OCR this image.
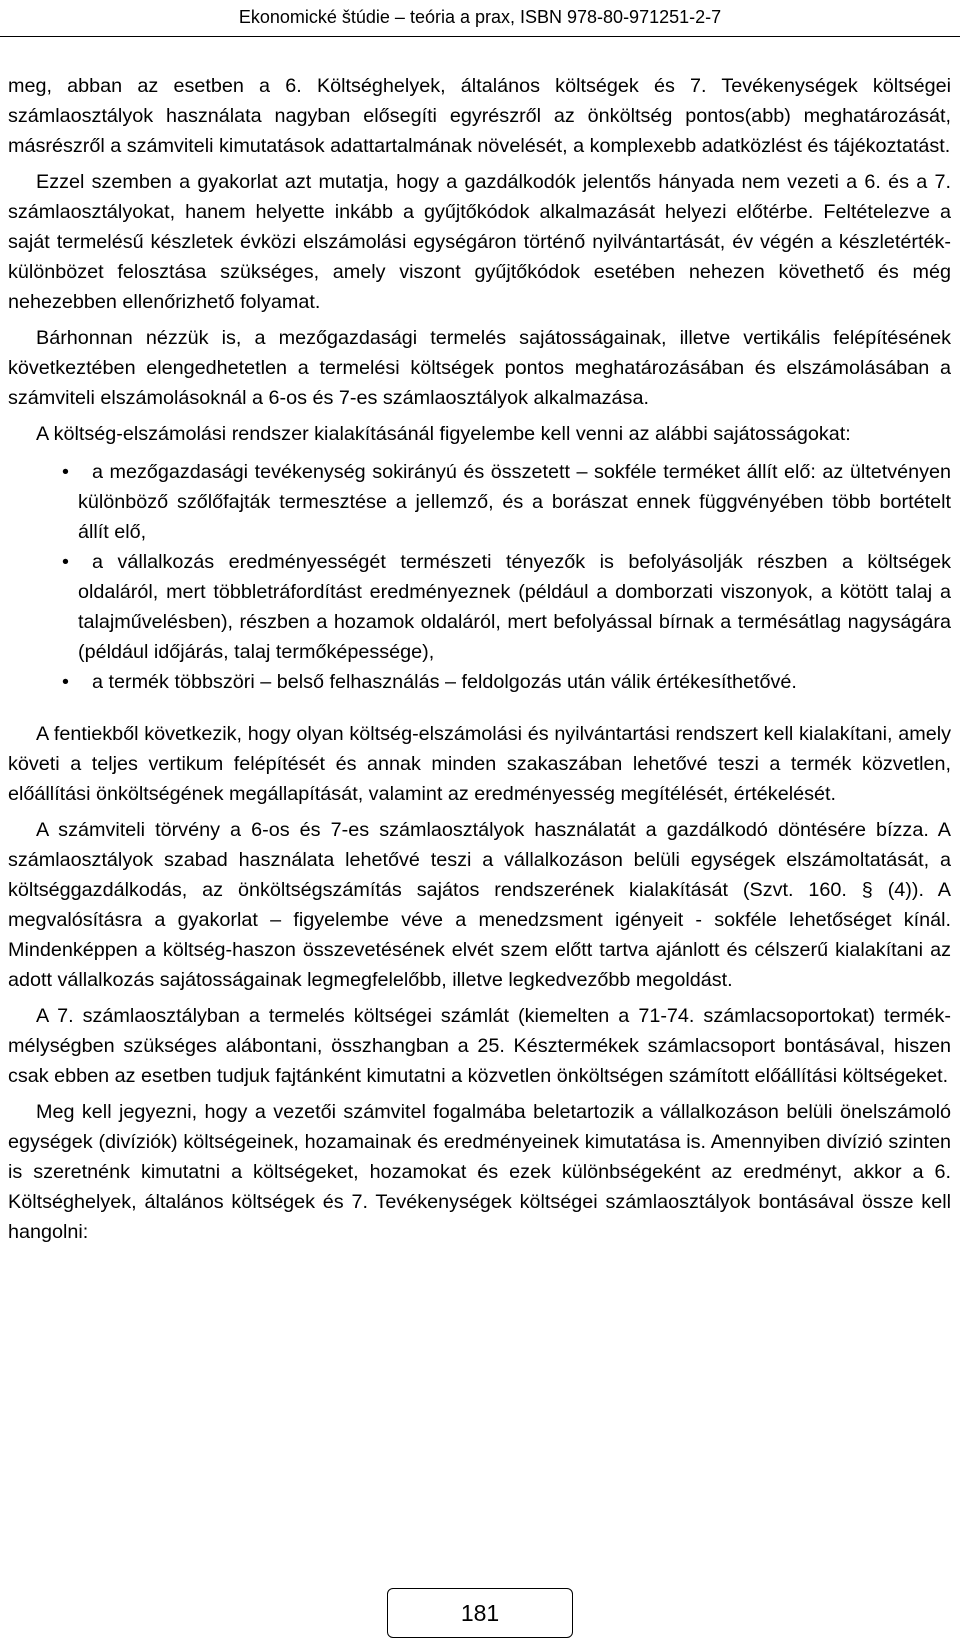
Ekonomické štúdie – teória a prax, ISBN 978-80-971251-2-7

meg, abban az esetben a 6. Költséghelyek, általános költségek és 7. Tevékenységek költségei számlaosztályok használata nagyban elősegíti egyrészről az önköltség pontos(abb) meghatározását, másrészről a számviteli kimutatások adattartalmának növelését, a komplexebb adatközlést és tájékoztatást.

Ezzel szemben a gyakorlat azt mutatja, hogy a gazdálkodók jelentős hányada nem vezeti a 6. és a 7. számlaosztályokat, hanem helyette inkább a gyűjtőkódok alkalmazását helyezi előtérbe. Feltételezve a saját termelésű készletek évközi elszámolási egységáron történő nyilvántartását, év végén a készletérték-különbözet felosztása szükséges, amely viszont gyűjtőkódok esetében nehezen követhető és még nehezebben ellenőrizhető folyamat.

Bárhonnan nézzük is, a mezőgazdasági termelés sajátosságainak, illetve vertikális felépítésének következtében elengedhetetlen a termelési költségek pontos meghatározásában és elszámolásában a számviteli elszámolásoknál a 6-os és 7-es számlaosztályok alkalmazása.

A költség-elszámolási rendszer kialakításánál figyelembe kell venni az alábbi sajátosságokat:

• a mezőgazdasági tevékenység sokirányú és összetett – sokféle terméket állít elő: az ültetvényen különböző szőlőfajták termesztése a jellemző, és a borászat ennek függvényében több bortételt állít elő,
• a vállalkozás eredményességét természeti tényezők is befolyásolják részben a költségek oldaláról, mert többletráfordítást eredményeznek (például a domborzati viszonyok, a kötött talaj a talajművelésben), részben a hozamok oldaláról, mert befolyással bírnak a termésátlag nagyságára (például időjárás, talaj termőképessége),
• a termék többszöri – belső felhasználás – feldolgozás után válik értékesíthetővé.

A fentiekből következik, hogy olyan költség-elszámolási és nyilvántartási rendszert kell kialakítani, amely követi a teljes vertikum felépítését és annak minden szakaszában lehetővé teszi a termék közvetlen, előállítási önköltségének megállapítását, valamint az eredményesség megítélését, értékelését.

A számviteli törvény a 6-os és 7-es számlaosztályok használatát a gazdálkodó döntésére bízza. A számlaosztályok szabad használata lehetővé teszi a vállalkozáson belüli egységek elszámoltatását, a költséggazdálkodás, az önköltségszámítás sajátos rendszerének kialakítását (Szvt. 160. § (4)). A megvalósításra a gyakorlat – figyelembe véve a menedzsment igényeit - sokféle lehetőséget kínál. Mindenképpen a költség-haszon összevetésének elvét szem előtt tartva ajánlott és célszerű kialakítani az adott vállalkozás sajátosságainak legmegfelelőbb, illetve legkedvezőbb megoldást.

A 7. számlaosztályban a termelés költségei számlát (kiemelten a 71-74. számlacsoportokat) termék-mélységben szükséges alábontani, összhangban a 25. Késztermékek számlacsoport bontásával, hiszen csak ebben az esetben tudjuk fajtánként kimutatni a közvetlen önköltségen számított előállítási költségeket.

Meg kell jegyezni, hogy a vezetői számvitel fogalmába beletartozik a vállalkozáson belüli önelszámoló egységek (divíziók) költségeinek, hozamainak és eredményeinek kimutatása is. Amennyiben divízió szinten is szeretnénk kimutatni a költségeket, hozamokat és ezek különbségeként az eredményt, akkor a 6. Költséghelyek, általános költségek és 7. Tevékenységek költségei számlaosztályok bontásával össze kell hangolni:

181
